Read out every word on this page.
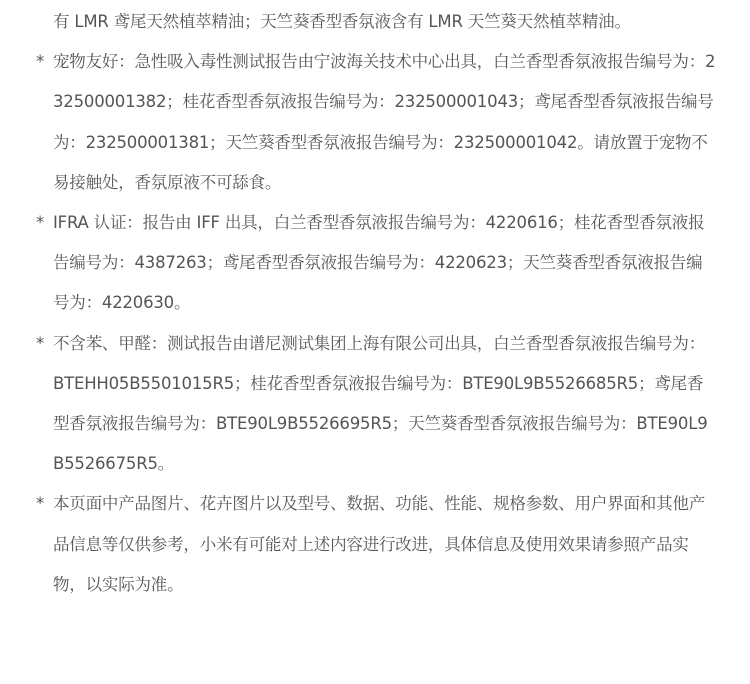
有 LMR 鸢尾天然植萃精油；天竺葵香型香氛液含有 LMR 天竺葵天然植萃精油。
* 宠物友好：急性吸入毒性测试报告由宁波海关技术中心出具，白兰香型香氛液报告编号为：232500001382；桂花香型香氛液报告编号为：232500001043；鸢尾香型香氛液报告编号为：232500001381；天竺葵香型香氛液报告编号为：232500001042。请放置于宠物不易接触处，香氛原液不可舔食。
* IFRA 认证：报告由 IFF 出具，白兰香型香氛液报告编号为：4220616；桂花香型香氛液报告编号为：4387263；鸢尾香型香氛液报告编号为：4220623；天竺葵香型香氛液报告编号为：4220630。
* 不含苯、甲醛：测试报告由谱尼测试集团上海有限公司出具，白兰香型香氛液报告编号为：BTEHH05B5501015R5；桂花香型香氛液报告编号为：BTE90L9B5526685R5；鸢尾香型香氛液报告编号为：BTE90L9B5526695R5；天竺葵香型香氛液报告编号为：BTE90L9B5526675R5。
* 本页面中产品图片、花卉图片以及型号、数据、功能、性能、规格参数、用户界面和其他产品信息等仅供参考，小米有可能对上述内容进行改进，具体信息及使用效果请参照产品实物，以实际为准。
